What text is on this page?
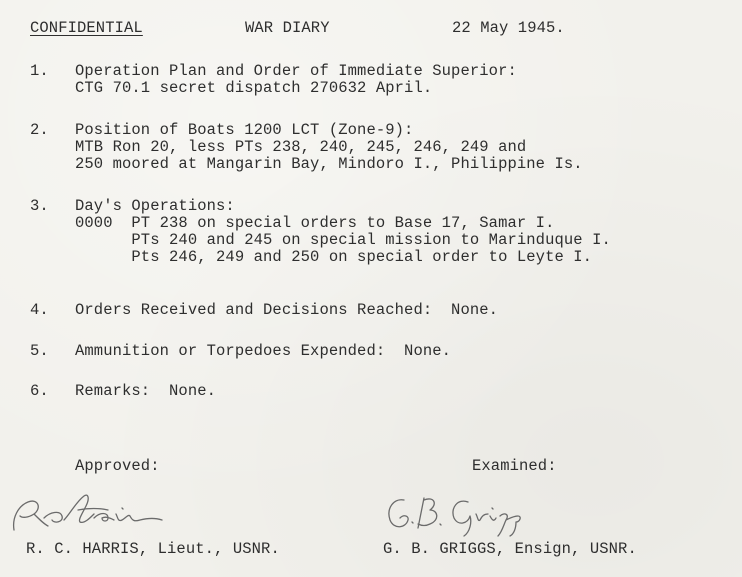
CONFIDENTIAL	WAR DIARY	22 May 1945.
1. Operation Plan and Order of Immediate Superior:
CTG 70.1 secret dispatch 270632 April.
2. Position of Boats 1200 LCT (Zone-9):
MTB Ron 20, less PTs 238, 240, 245, 246, 249 and
250 moored at Mangarin Bay, Mindoro I., Philippine Is.
3. Day's Operations:
0000  PT 238 on special orders to Base 17, Samar I.
PTs 240 and 245 on special mission to Marinduque I.
Pts 246, 249 and 250 on special order to Leyte I.
4. Orders Received and Decisions Reached:  None.
5. Ammunition or Torpedoes Expended:  None.
6. Remarks:  None.
Approved:	Examined:
R. C. HARRIS, Lieut., USNR.	G. B. GRIGGS, Ensign, USNR.
